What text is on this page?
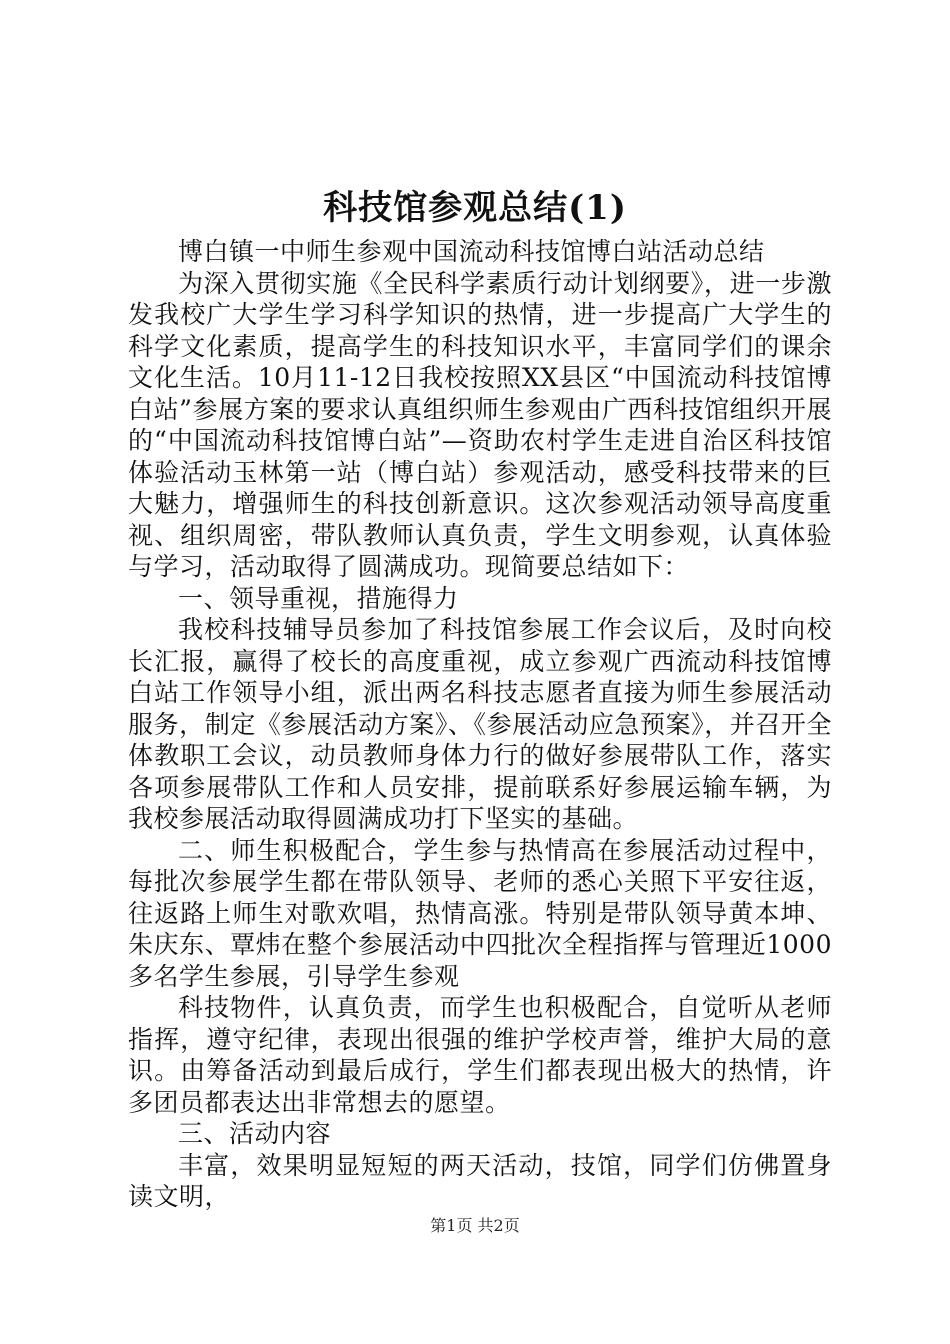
科技馆参观总结(1)

博白镇一中师生参观中国流动科技馆博白站活动总结

为深入贯彻实施《全民科学素质行动计划纲要》，进一步激发我校广大学生学习科学知识的热情，进一步提高广大学生的科学文化素质，提高学生的科技知识水平，丰富同学们的课余文化生活。10月11-12日我校按照XX县区“中国流动科技馆博白站”参展方案的要求认真组织师生参观由广西科技馆组织开展的“中国流动科技馆博白站”—资助农村学生走进自治区科技馆体验活动玉林第一站（博白站）参观活动，感受科技带来的巨大魅力，增强师生的科技创新意识。这次参观活动领导高度重视、组织周密，带队教师认真负责，学生文明参观，认真体验与学习，活动取得了圆满成功。现简要总结如下：

一、领导重视，措施得力

我校科技辅导员参加了科技馆参展工作会议后，及时向校长汇报，赢得了校长的高度重视，成立参观广西流动科技馆博白站工作领导小组，派出两名科技志愿者直接为师生参展活动服务，制定《参展活动方案》、《参展活动应急预案》，并召开全体教职工会议，动员教师身体力行的做好参展带队工作，落实各项参展带队工作和人员安排，提前联系好参展运输车辆，为我校参展活动取得圆满成功打下坚实的基础。

二、师生积极配合，学生参与热情高在参展活动过程中，每批次参展学生都在带队领导、老师的悉心关照下平安往返，往返路上师生对歌欢唱，热情高涨。特别是带队领导黄本坤、朱庆东、覃炜在整个参展活动中四批次全程指挥与管理近1000多名学生参展，引导学生参观

科技物件，认真负责，而学生也积极配合，自觉听从老师指挥，遵守纪律，表现出很强的维护学校声誉，维护大局的意识。由筹备活动到最后成行，学生们都表现出极大的热情，许多团员都表达出非常想去的愿望。

三、活动内容

丰富，效果明显短短的两天活动，技馆，同学们仿佛置身读文明，

第1页 共2页
